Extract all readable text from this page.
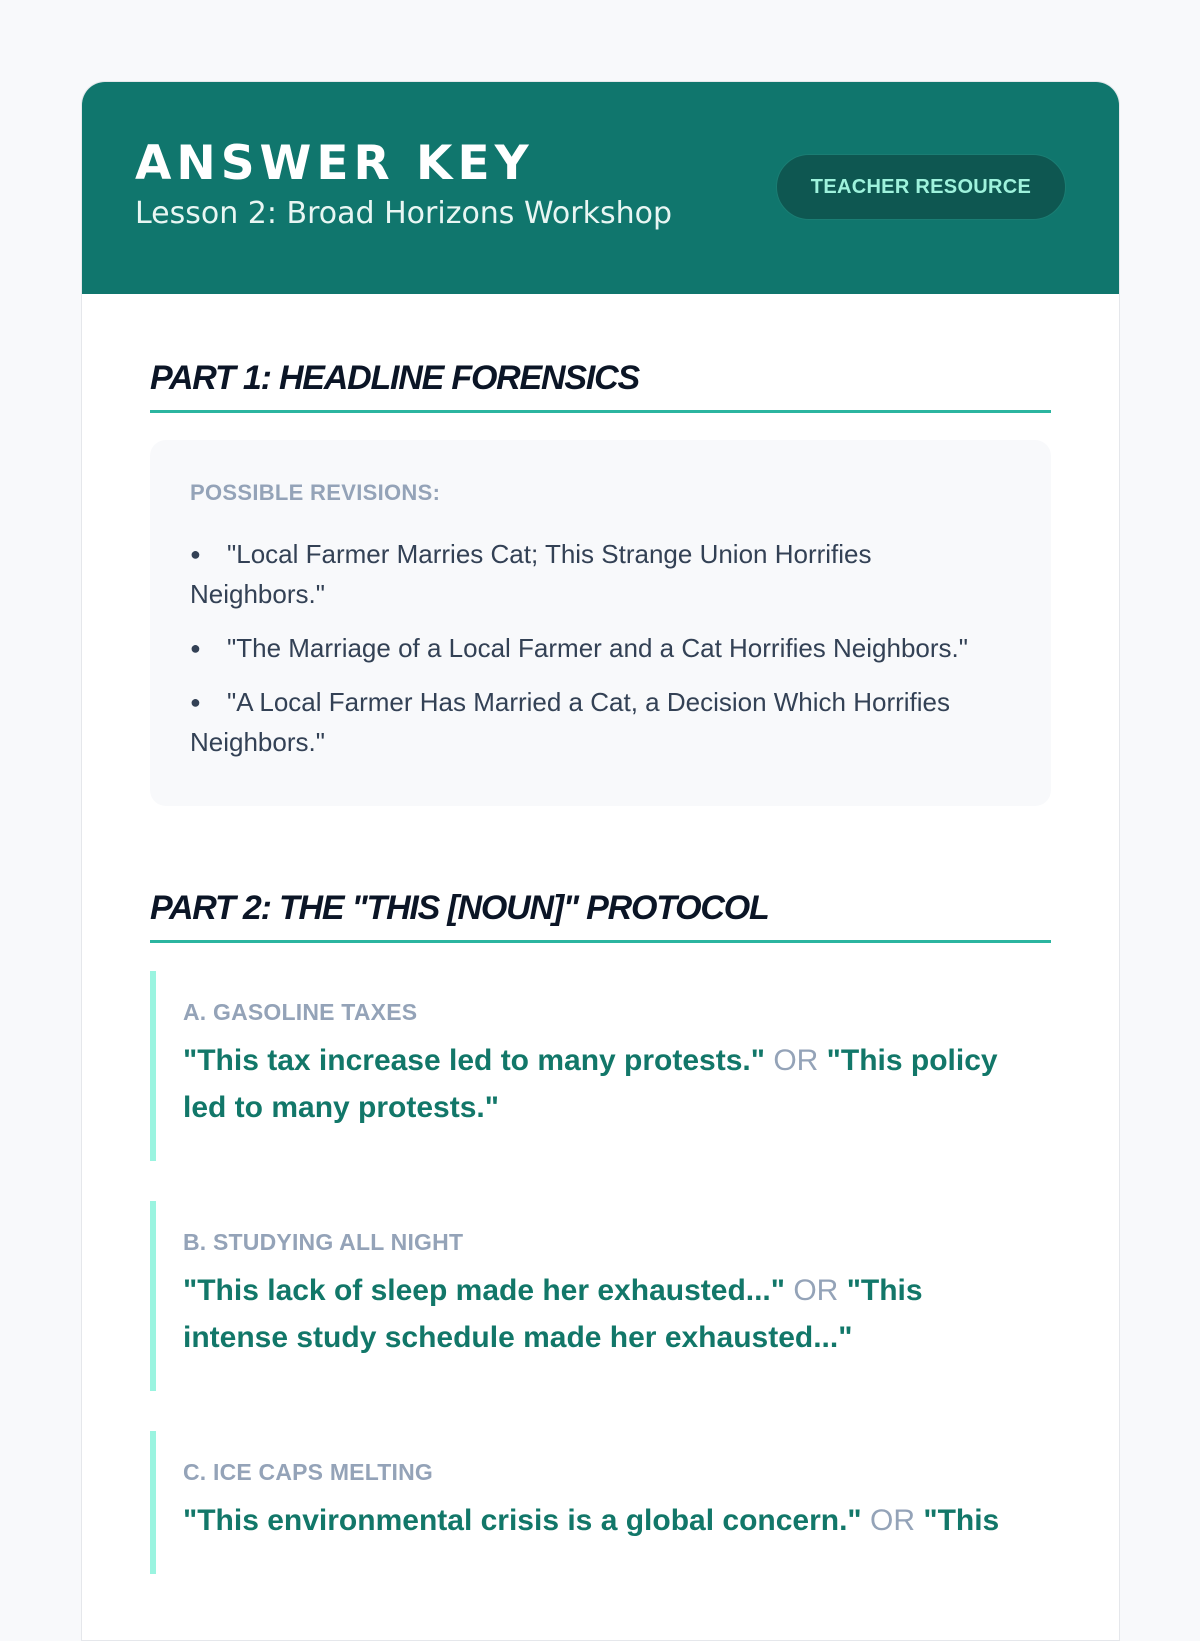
ANSWER KEY
Lesson 2: Broad Horizons Workshop
TEACHER RESOURCE
PART 1: HEADLINE FORENSICS
POSSIBLE REVISIONS:
● "Local Farmer Marries Cat; This Strange Union Horrifies Neighbors."
● "The Marriage of a Local Farmer and a Cat Horrifies Neighbors."
● "A Local Farmer Has Married a Cat, a Decision Which Horrifies Neighbors."
PART 2: THE "THIS [NOUN]" PROTOCOL
A. GASOLINE TAXES
"This tax increase led to many protests." OR "This policy led to many protests."
B. STUDYING ALL NIGHT
"This lack of sleep made her exhausted..." OR "This intense study schedule made her exhausted..."
C. ICE CAPS MELTING
"This environmental crisis is a global concern." OR "This
